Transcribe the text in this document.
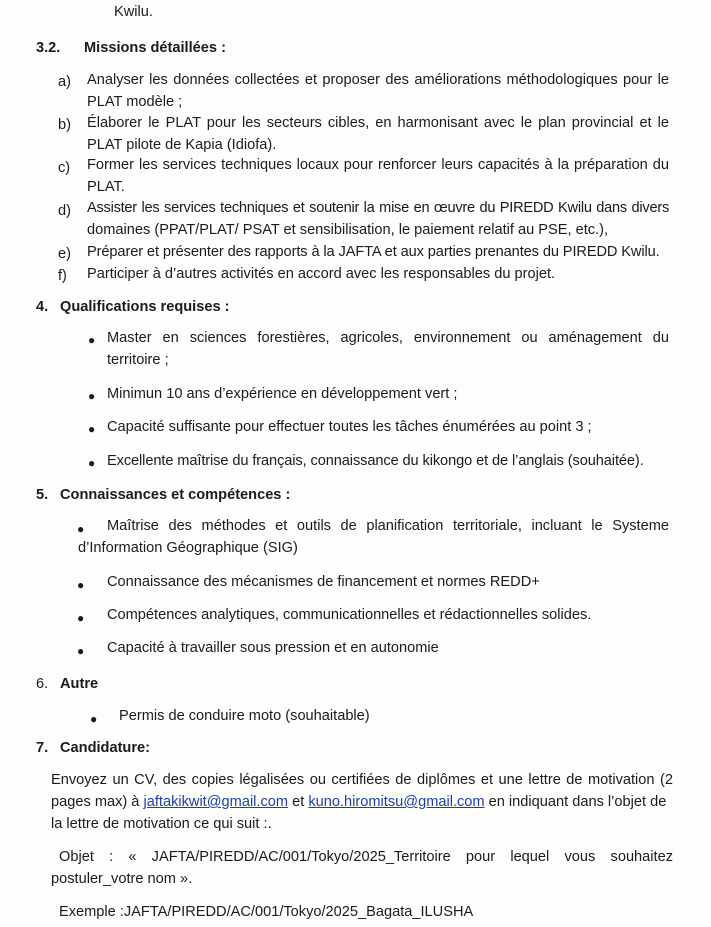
Kwilu.
3.2. Missions détaillées :
a) Analyser les données collectées et proposer des améliorations méthodologiques pour le
PLAT modèle ;
b) Élaborer le PLAT pour les secteurs cibles, en harmonisant avec le plan provincial et le
PLAT pilote de Kapia (Idiofa).
c) Former les services techniques locaux pour renforcer leurs capacités à la préparation du
PLAT.
d) Assister les services techniques et soutenir la mise en œuvre du PIREDD Kwilu dans divers
domaines (PPAT/PLAT/ PSAT et sensibilisation, le paiement relatif au PSE, etc.),
e) Préparer et présenter des rapports à la JAFTA et aux parties prenantes du PIREDD Kwilu.
f) Participer à d’autres activités en accord avec les responsables du projet.
4. Qualifications requises :
● Master en sciences forestières, agricoles, environnement ou aménagement du
territoire ;
● Minimun 10 ans d’expérience en développement vert ;
● Capacité suffisante pour effectuer toutes les tâches énumérées au point 3 ;
● Excellente maîtrise du français, connaissance du kikongo et de l’anglais (souhaitée).
5. Connaissances et compétences :
● Maîtrise des méthodes et outils de planification territoriale, incluant le Systeme
d’Information Géographique (SIG)
● Connaissance des mécanismes de financement et normes REDD+
● Compétences analytiques, communicationnelles et rédactionnelles solides.
● Capacité à travailler sous pression et en autonomie
6. Autre
● Permis de conduire moto (souhaitable)
7. Candidature:
Envoyez un CV, des copies légalisées ou certifiées de diplômes et une lettre de motivation (2
pages max) à jaftakikwit@gmail.com et kuno.hiromitsu@gmail.com en indiquant dans l’objet de
la lettre de motivation ce qui suit :.
Objet : « JAFTA/PIREDD/AC/001/Tokyo/2025_Territoire pour lequel vous souhaitez
postuler_votre nom ».
Exemple :JAFTA/PIREDD/AC/001/Tokyo/2025_Bagata_ILUSHA
